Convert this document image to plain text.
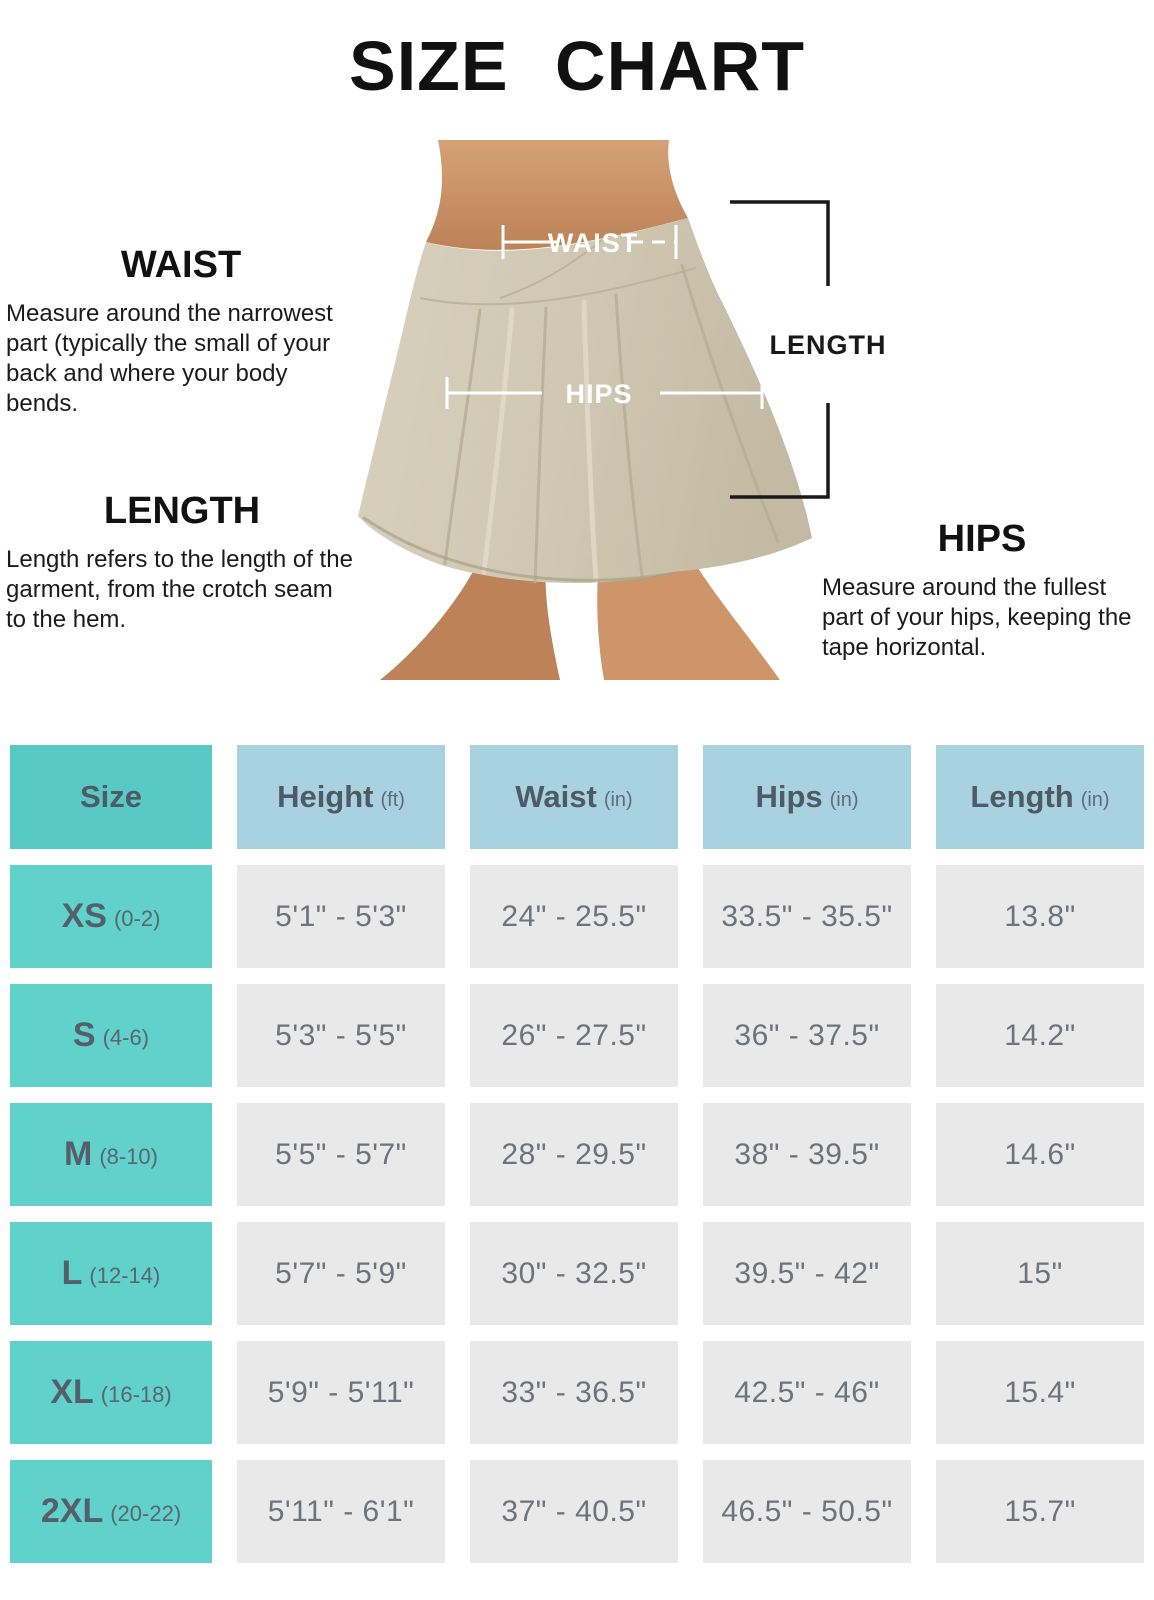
SIZE CHART
WAIST

Measure around the narrowest part (typically the small of your back and where your body bends.

LENGTH

Length refers to the length of the garment, from the crotch seam to the hem.

HIPS

Measure around the fullest part of your hips, keeping the tape horizontal.

WAIST
HIPS
LENGTH
Size	Height (ft)	Waist (in)	Hips (in)	Length (in)
XS (0-2)	5'1" - 5'3"	24" - 25.5"	33.5" - 35.5"	13.8"
S (4-6)	5'3" - 5'5"	26" - 27.5"	36" - 37.5"	14.2"
M (8-10)	5'5" - 5'7"	28" - 29.5"	38" - 39.5"	14.6"
L (12-14)	5'7" - 5'9"	30" - 32.5"	39.5" - 42"	15"
XL (16-18)	5'9" - 5'11"	33" - 36.5"	42.5" - 46"	15.4"
2XL (20-22)	5'11" - 6'1"	37" - 40.5"	46.5" - 50.5"	15.7"
